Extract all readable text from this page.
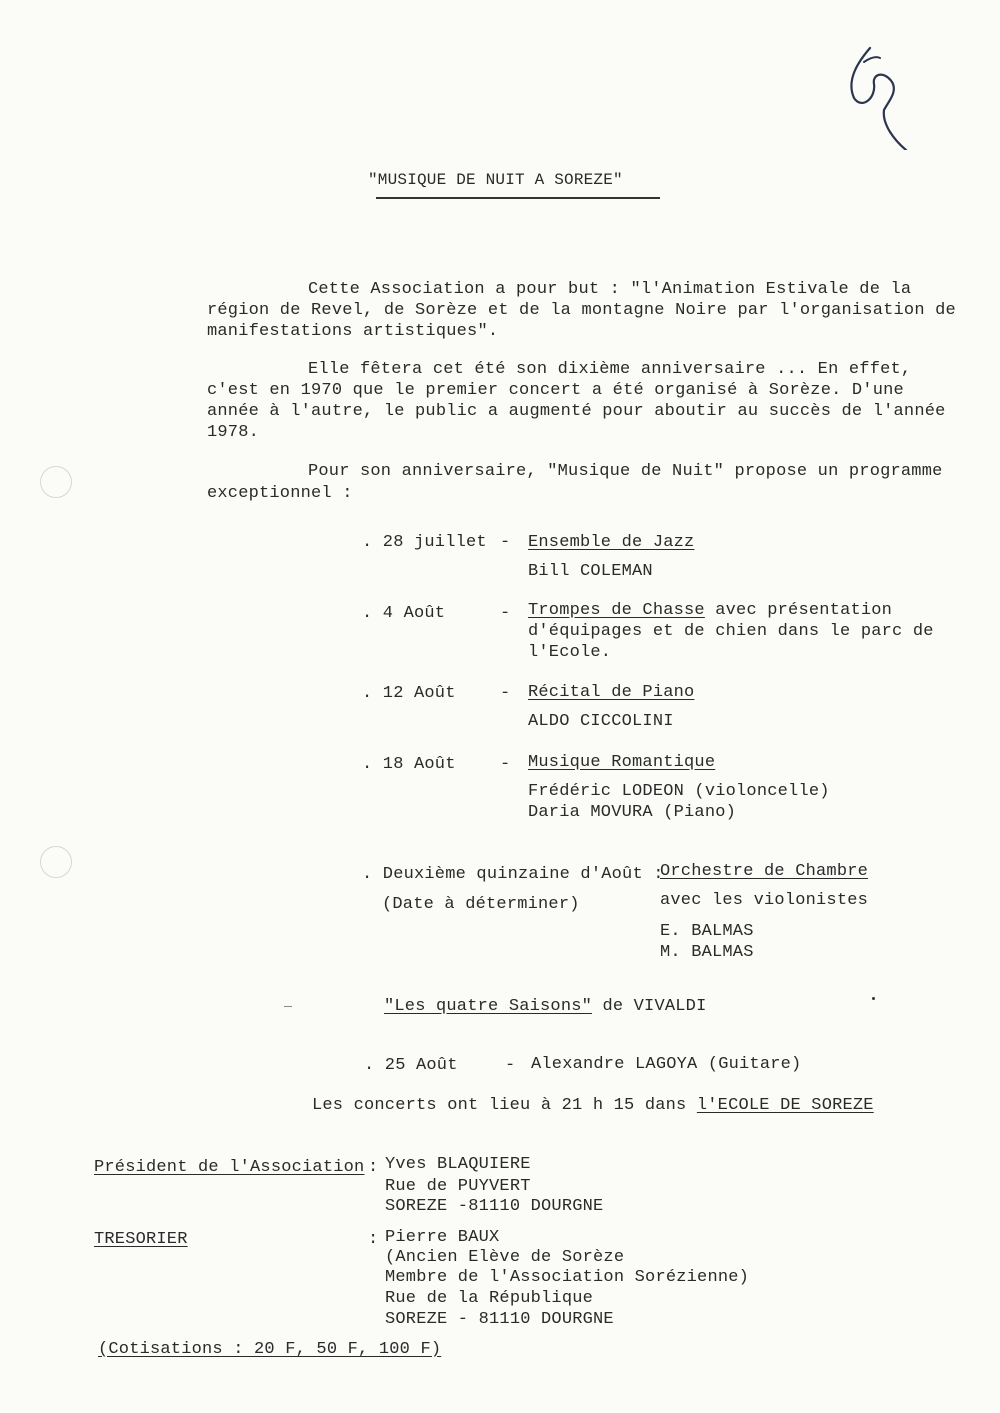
"MUSIQUE DE NUIT A SOREZE"
Cette Association a pour but : "l'Animation Estivale de la
région de Revel, de Sorèze et de la montagne Noire par l'organisation de
manifestations artistiques".
Elle fêtera cet été son dixième anniversaire ... En effet,
c'est en 1970 que le premier concert a été organisé à Sorèze. D'une
année à l'autre, le public a augmenté pour aboutir au succès de l'année
1978.
Pour son anniversaire, "Musique de Nuit" propose un programme
exceptionnel :
. 28 juillet - Ensemble de Jazz
Bill COLEMAN
. 4 Août	- Trompes de Chasse avec présentation
d'équipages et de chien dans le parc de
l'Ecole.
. 12 Août	- Récital de Piano
ALDO CICCOLINI
. 18 Août	- Musique Romantique
Frédéric LODEON (violoncelle)
Daria MOVURA (Piano)
. Deuxième quinzaine d'Août :
(Date à déterminer)
Orchestre de Chambre
avec les violonistes
E. BALMAS
M. BALMAS
"Les quatre Saisons" de VIVALDI
. 25 Août	- Alexandre LAGOYA (Guitare)
Les concerts ont lieu à 21 h 15 dans l'ECOLE DE SOREZE
Président de l'Association : Yves BLAQUIERE
Rue de PUYVERT
SOREZE -81110 DOURGNE
TRESORIER	: Pierre BAUX
(Ancien Elève de Sorèze
Membre de l'Association Sorézienne)
Rue de la République
SOREZE - 81110 DOURGNE
(Cotisations : 20 F, 50 F, 100 F)
